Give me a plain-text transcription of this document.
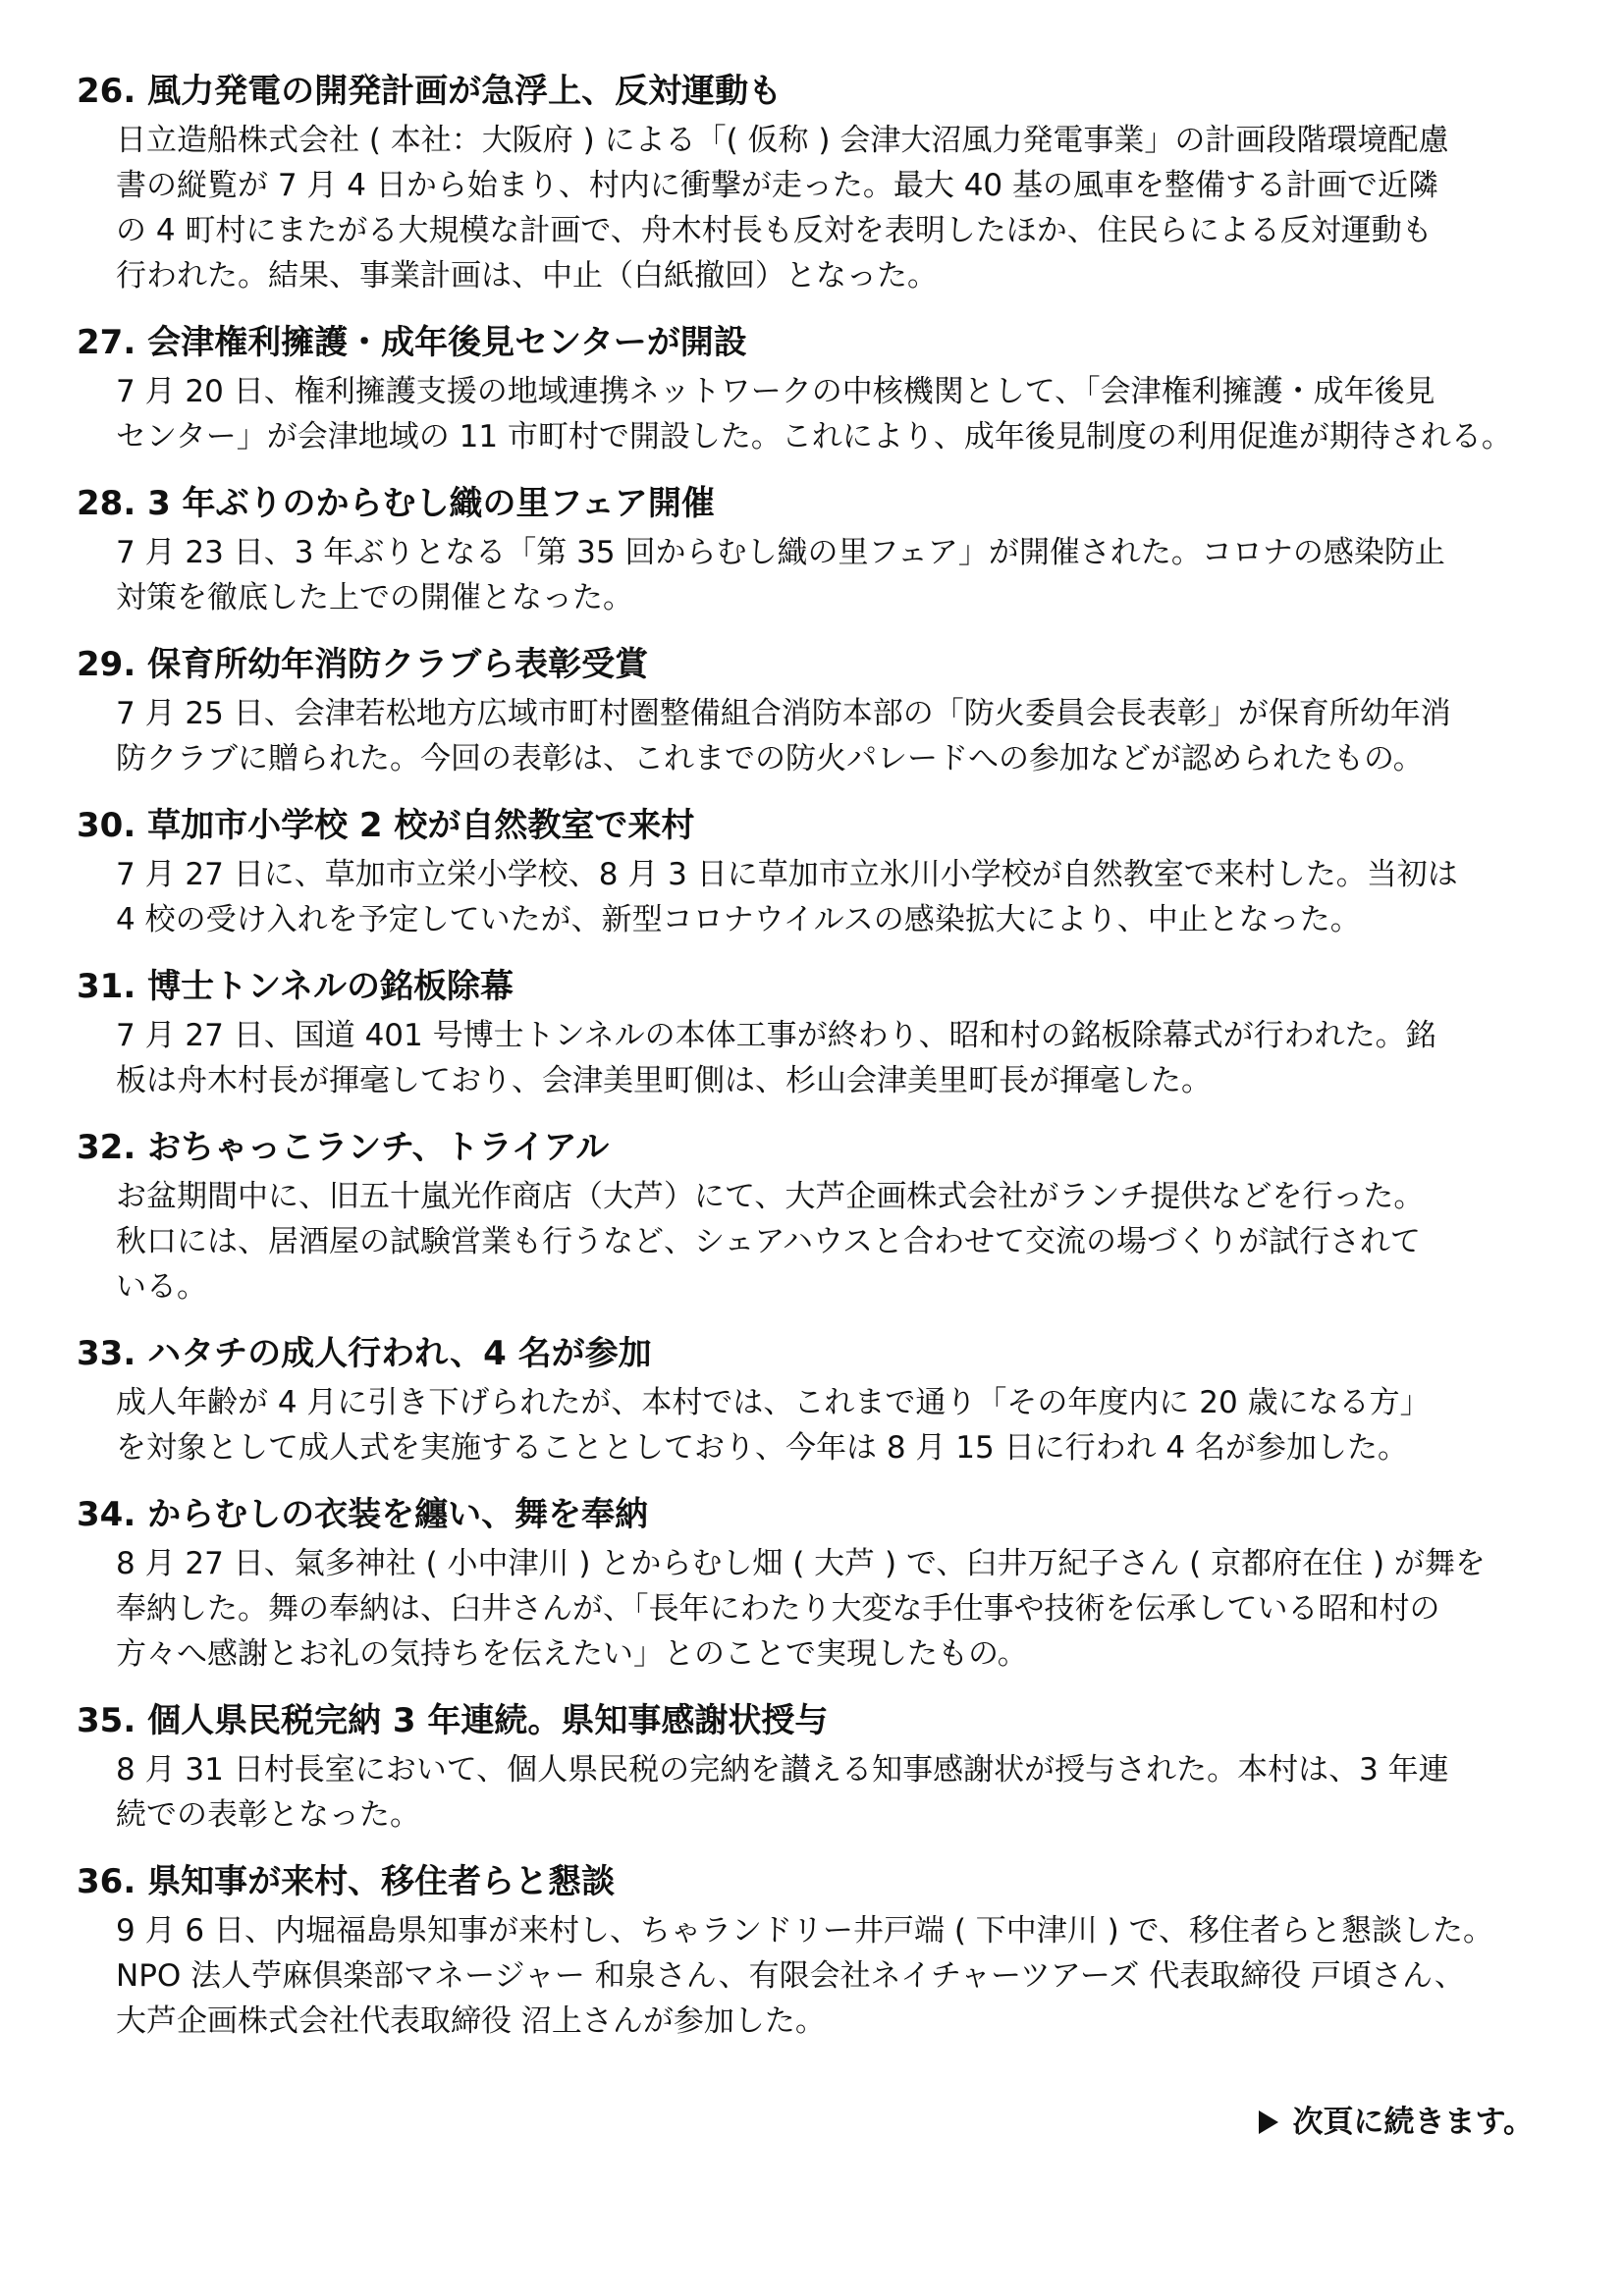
26. 風力発電の開発計画が急浮上、反対運動も
日立造船株式会社 ( 本社：大阪府 ) による「( 仮称 ) 会津大沼風力発電事業」の計画段階環境配慮
書の縦覧が 7 月 4 日から始まり、村内に衝撃が走った。最大 40 基の風車を整備する計画で近隣
の 4 町村にまたがる大規模な計画で、舟木村長も反対を表明したほか、住民らによる反対運動も
行われた。結果、事業計画は、中止（白紙撤回）となった。
27. 会津権利擁護・成年後見センターが開設
7 月 20 日、権利擁護支援の地域連携ネットワークの中核機関として、「会津権利擁護・成年後見
センター」が会津地域の 11 市町村で開設した。これにより、成年後見制度の利用促進が期待される。
28. 3 年ぶりのからむし織の里フェア開催
7 月 23 日、3 年ぶりとなる「第 35 回からむし織の里フェア」が開催された。コロナの感染防止
対策を徹底した上での開催となった。
29. 保育所幼年消防クラブら表彰受賞
7 月 25 日、会津若松地方広域市町村圏整備組合消防本部の「防火委員会長表彰」が保育所幼年消
防クラブに贈られた。今回の表彰は、これまでの防火パレードへの参加などが認められたもの。
30. 草加市小学校 2 校が自然教室で来村
7 月 27 日に、草加市立栄小学校、8 月 3 日に草加市立氷川小学校が自然教室で来村した。当初は
4 校の受け入れを予定していたが、新型コロナウイルスの感染拡大により、中止となった。
31. 博士トンネルの銘板除幕
7 月 27 日、国道 401 号博士トンネルの本体工事が終わり、昭和村の銘板除幕式が行われた。銘
板は舟木村長が揮毫しており、会津美里町側は、杉山会津美里町長が揮毫した。
32. おちゃっこランチ、トライアル
お盆期間中に、旧五十嵐光作商店（大芦）にて、大芦企画株式会社がランチ提供などを行った。
秋口には、居酒屋の試験営業も行うなど、シェアハウスと合わせて交流の場づくりが試行されて
いる。
33. ハタチの成人行われ、4 名が参加
成人年齢が 4 月に引き下げられたが、本村では、これまで通り「その年度内に 20 歳になる方」
を対象として成人式を実施することとしており、今年は 8 月 15 日に行われ 4 名が参加した。
34. からむしの衣装を纏い、舞を奉納
8 月 27 日、氣多神社 ( 小中津川 ) とからむし畑 ( 大芦 ) で、臼井万紀子さん ( 京都府在住 ) が舞を
奉納した。舞の奉納は、臼井さんが、「長年にわたり大変な手仕事や技術を伝承している昭和村の
方々へ感謝とお礼の気持ちを伝えたい」とのことで実現したもの。
35. 個人県民税完納 3 年連続。県知事感謝状授与
8 月 31 日村長室において、個人県民税の完納を讃える知事感謝状が授与された。本村は、3 年連
続での表彰となった。
36. 県知事が来村、移住者らと懇談
9 月 6 日、内堀福島県知事が来村し、ちゃランドリー井戸端 ( 下中津川 ) で、移住者らと懇談した。
NPO 法人苧麻倶楽部マネージャー 和泉さん、有限会社ネイチャーツアーズ 代表取締役 戸頃さん、
大芦企画株式会社代表取締役 沼上さんが参加した。
次頁に続きます。
